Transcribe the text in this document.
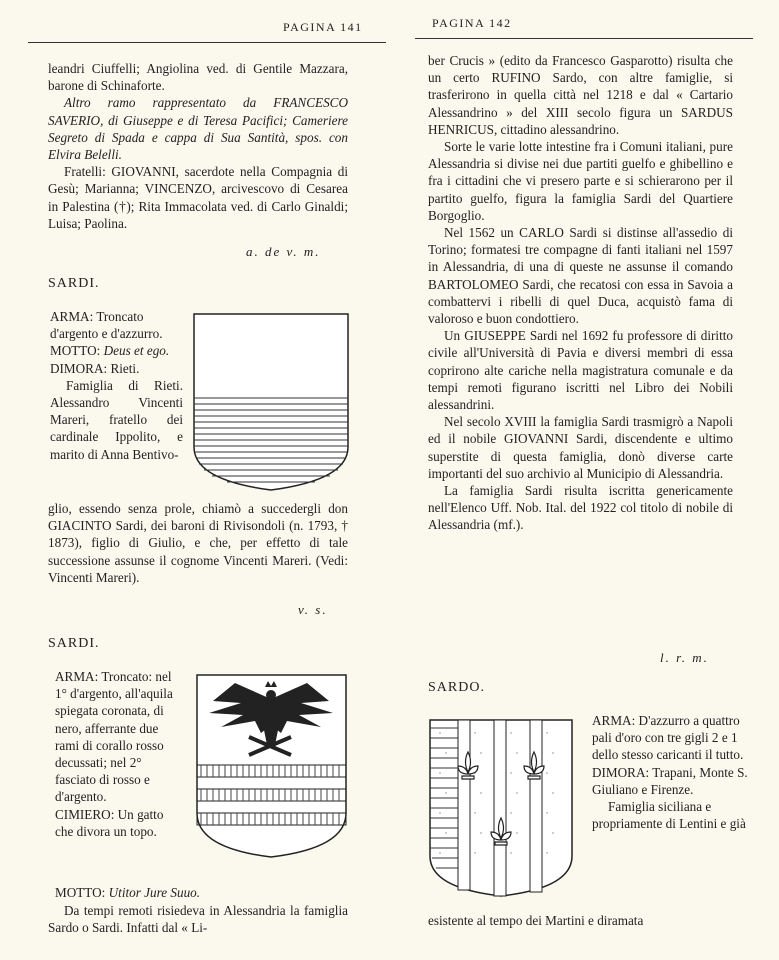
PAGINA 141	PAGINA 142

leandri Ciuffelli; Angiolina ved. di Gentile Mazzara, barone di Schinaforte.

Altro ramo rappresentato da FRANCESCO SAVERIO, di Giuseppe e di Teresa Pacifici; Cameriere Segreto di Spada e cappa di Sua Santità, spos. con Elvira Belelli.

Fratelli: GIOVANNI, sacerdote nella Compagnia di Gesù; Marianna; VINCENZO, arcivescovo di Cesarea in Palestina (†); Rita Immacolata ved. di Carlo Ginaldi; Luisa; Paolina.

a. de v. m.
SARDI.

ARMA: Troncato d'argento e d'azzurro.

MOTTO: Deus et ego.

DIMORA: Rieti.

Famiglia di Rieti. Alessandro Vincenti Mareri, fratello dei cardinale Ippolito, e marito di Anna Bentivo-

glio, essendo senza prole, chiamò a succedergli don GIACINTO Sardi, dei baroni di Rivisondoli (n. 1793, † 1873), figlio di Giulio, e che, per effetto di tale successione assunse il cognome Vincenti Mareri. (Vedi: Vincenti Mareri).

v. s.
SARDI.

ARMA: Troncato: nel 1° d'argento, all'aquila spiegata coronata, di nero, afferrante due rami di corallo rosso decussati; nel 2° fasciato di rosso e d'argento.

CIMIERO: Un gatto che divora un topo.

MOTTO: Utitor Jure Suuo.

Da tempi remoti risiedeva in Alessandria la famiglia Sardo o Sardi. Infatti dal « Li-

ber Crucis » (edito da Francesco Gasparotto) risulta che un certo RUFINO Sardo, con altre famiglie, si trasferirono in quella città nel 1218 e dal « Cartario Alessandrino » del XIII secolo figura un SARDUS HENRICUS, cittadino alessandrino.

Sorte le varie lotte intestine fra i Comuni italiani, pure Alessandria si divise nei due partiti guelfo e ghibellino e fra i cittadini che vi presero parte e si schierarono per il partito guelfo, figura la famiglia Sardi del Quartiere Borgoglio.

Nel 1562 un CARLO Sardi si distinse all'assedio di Torino; formatesi tre compagne di fanti italiani nel 1597 in Alessandria, di una di queste ne assunse il comando BARTOLOMEO Sardi, che recatosi con essa in Savoia a combattervi i ribelli di quel Duca, acquistò fama di valoroso e buon condottiero.

Un GIUSEPPE Sardi nel 1692 fu professore di diritto civile all'Università di Pavia e diversi membri di essa coprirono alte cariche nella magistratura comunale e da tempi remoti figurano iscritti nel Libro dei Nobili alessandrini.

Nel secolo XVIII la famiglia Sardi trasmigrò a Napoli ed il nobile GIOVANNI Sardi, discendente e ultimo superstite di questa famiglia, donò diverse carte importanti del suo archivio al Municipio di Alessandria.

La famiglia Sardi risulta iscritta genericamente nell'Elenco Uff. Nob. Ital. del 1922 col titolo di nobile di Alessandria (mf.).

l. r. m.
SARDO.

ARMA: D'azzurro a quattro pali d'oro con tre gigli 2 e 1 dello stesso caricanti il tutto.

DIMORA: Trapani, Monte S. Giuliano e Firenze.

Famiglia siciliana e propriamente di Lentini e già

esistente al tempo dei Martini e diramata
